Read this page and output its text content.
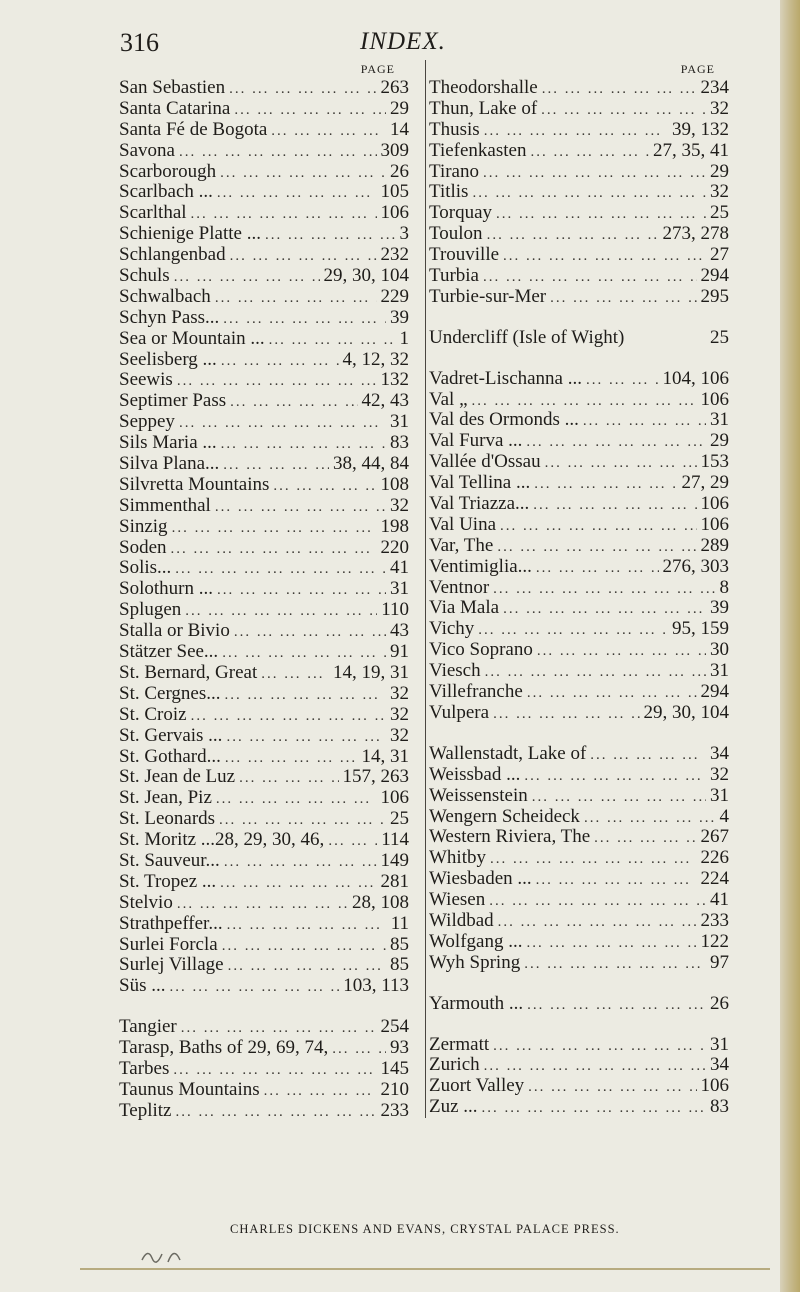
316	INDEX.
PAGE
San Sebastien ... .	263
Santa Catarina ... .	29
Santa Fé de Bogota ... .	14
Savona ... .	309
Scarborough ... .	26
Scarlbach ... ... .	105
Scarlthal ... .	106
Schienige Platte ... ... .	3
Schlangenbad ... .	232
Schuls ... .	29, 30, 104
Schwalbach ... .	229
Schyn Pass... ... .	39
Sea or Mountain ... ... .	1
Seelisberg ... ... .	4, 12, 32
Seewis ... .	132
Septimer Pass ... .	42, 43
Seppey ... .	31
Sils Maria ... ... .	83
Silva Plana... ... .	38, 44, 84
Silvretta Mountains ... .	108
Simmenthal ... .	32
Sinzig ... .	198
Soden ... .	220
Solis... ... .	41
Solothurn ... ... .	31
Splugen ... .	110
Stalla or Bivio ... .	43
Stätzer See... ... .	91
St. Bernard, Great ... .	14, 19, 31
St. Cergnes... ... .	32
St. Croiz ... .	32
St. Gervais ... ... .	32
St. Gothard... ... .	14, 31
St. Jean de Luz ... .	157, 263
St. Jean, Piz ... .	106
St. Leonards ... .	25
St. Moritz ...28, 29, 30, 46, ... .	114
St. Sauveur... ... .	149
St. Tropez ... ... .	281
Stelvio ... .	28, 108
Strathpeffer... ... .	11
Surlei Forcla ... .	85
Surlej Village ... .	85
Süs ... ... .	103, 113
Tangier ... .	254
Tarasp, Baths of 29, 69, 74, ... .	93
Tarbes ... .	145
Taunus Mountains ... .	210
Teplitz ... .	233
PAGE
Theodorshalle ... .	234
Thun, Lake of ... .	32
Thusis ... .	39, 132
Tiefenkasten ... .	27, 35, 41
Tirano ... .	29
Titlis ... .	32
Torquay ... .	25
Toulon ... .	273, 278
Trouville ... .	27
Turbia ... .	294
Turbie-sur-Mer ... .	295
Undercliff (Isle of Wight)	25
Vadret-Lischanna ... ... .	104, 106
Val „ ... .	106
Val des Ormonds ... ... .	31
Val Furva ... ... .	29
Vallée d'Ossau ... .	153
Val Tellina ... ... .	27, 29
Val Triazza... ... .	106
Val Uina ... .	106
Var, The ... .	289
Ventimiglia... ... .	276, 303
Ventnor ... .	8
Via Mala ... .	39
Vichy ... .	95, 159
Vico Soprano ... .	30
Viesch ... .	31
Villefranche ... .	294
Vulpera ... .	29, 30, 104
Wallenstadt, Lake of ... .	34
Weissbad ... ... .	32
Weissenstein ... .	31
Wengern Scheideck ... .	4
Western Riviera, The ... .	267
Whitby ... .	226
Wiesbaden ... ... .	224
Wiesen ... .	41
Wildbad ... .	233
Wolfgang ... ... .	122
Wyh Spring ... .	97
Yarmouth ... ... .	26
Zermatt ... .	31
Zurich ... .	34
Zuort Valley ... .	106
Zuz ... ... .	83
CHARLES DICKENS AND EVANS, CRYSTAL PALACE PRESS.
